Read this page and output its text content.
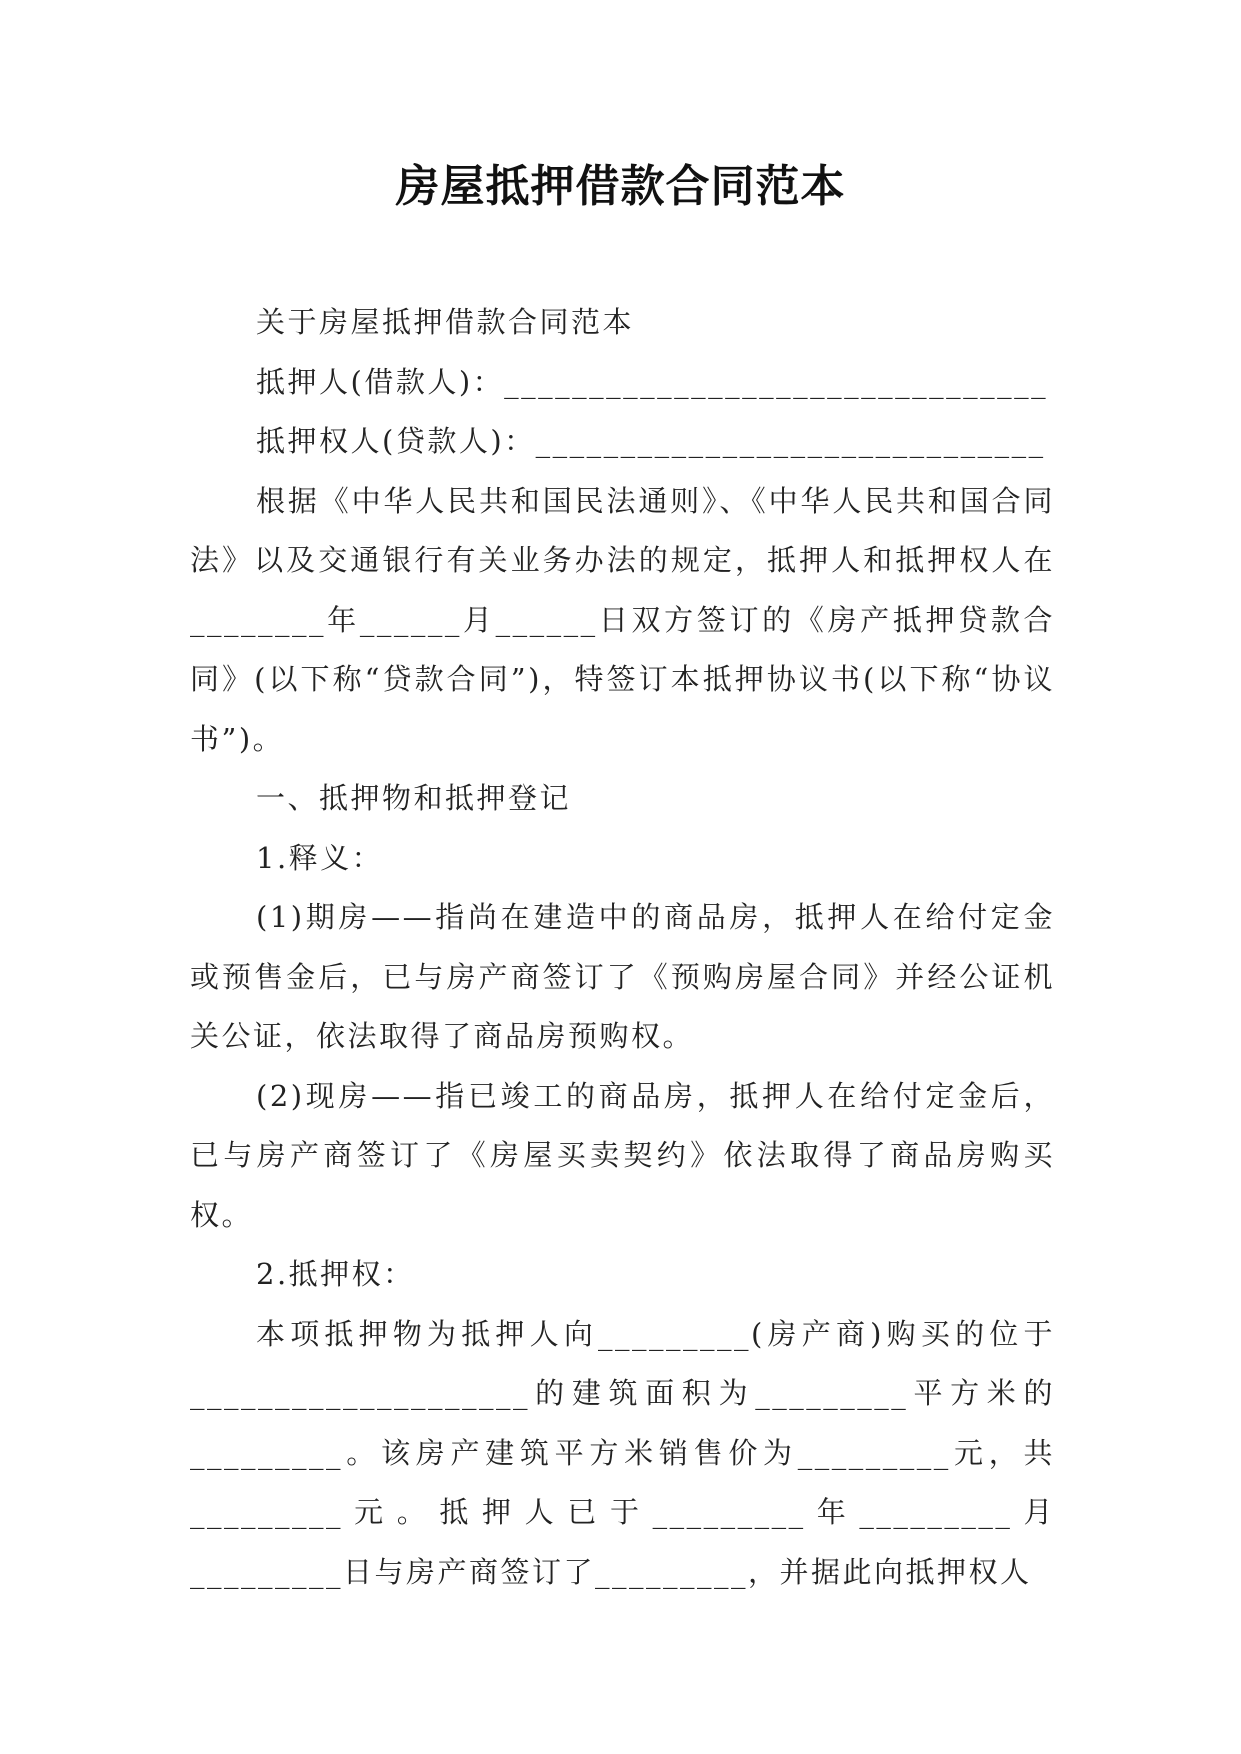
房屋抵押借款合同范本

关于房屋抵押借款合同范本

抵押人(借款人)：________________________________

抵押权人(贷款人)：______________________________

根据《中华人民共和国民法通则》、《中华人民共和国合同法》以及交通银行有关业务办法的规定，抵押人和抵押权人在________年______月______日双方签订的《房产抵押贷款合同》(以下称“贷款合同”)，特签订本抵押协议书(以下称“协议书”)。

一、抵押物和抵押登记

1.释义：

(1)期房——指尚在建造中的商品房，抵押人在给付定金或预售金后，已与房产商签订了《预购房屋合同》并经公证机关公证，依法取得了商品房预购权。

(2)现房——指已竣工的商品房，抵押人在给付定金后，已与房产商签订了《房屋买卖契约》依法取得了商品房购买权。

2.抵押权：

本项抵押物为抵押人向_________(房产商)购买的位于____________________的建筑面积为_________平方米的_________。该房产建筑平方米销售价为_________元，共_________元。抵押人已于_________年_________月_________日与房产商签订了_________，并据此向抵押权人
